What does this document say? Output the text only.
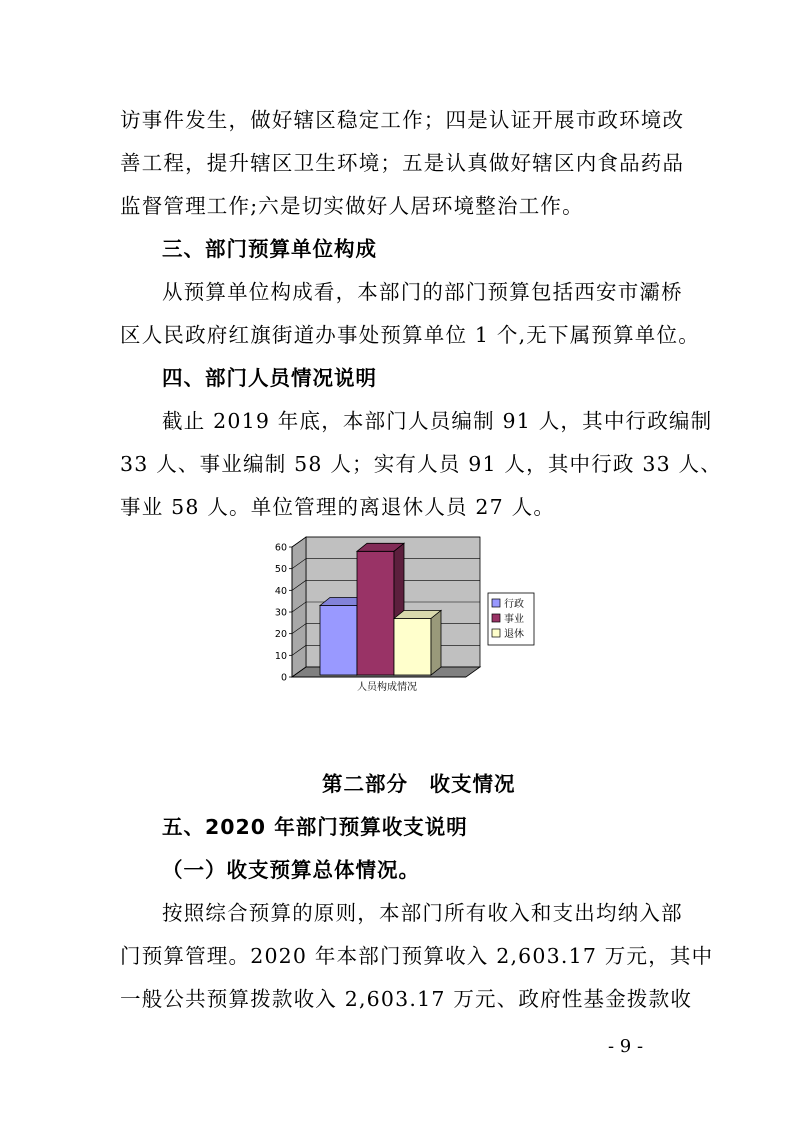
访事件发生，做好辖区稳定工作；四是认证开展市政环境改
善工程，提升辖区卫生环境；五是认真做好辖区内食品药品
监督管理工作;六是切实做好人居环境整治工作。
三、部门预算单位构成
从预算单位构成看，本部门的部门预算包括西安市灞桥
区人民政府红旗街道办事处预算单位 1 个,无下属预算单位。
四、部门人员情况说明
截止 2019 年底，本部门人员编制 91 人，其中行政编制
33 人、事业编制 58 人；实有人员 91 人，其中行政 33 人、
事业 58 人。单位管理的离退休人员 27 人。
0
10
20
30
40
50
60
人员构成情况
行政
事业
退休
第二部分　收支情况
五、2020 年部门预算收支说明
（一）收支预算总体情况。
按照综合预算的原则，本部门所有收入和支出均纳入部
门预算管理。2020 年本部门预算收入 2,603.17 万元，其中
一般公共预算拨款收入 2,603.17 万元、政府性基金拨款收
- 9 -
